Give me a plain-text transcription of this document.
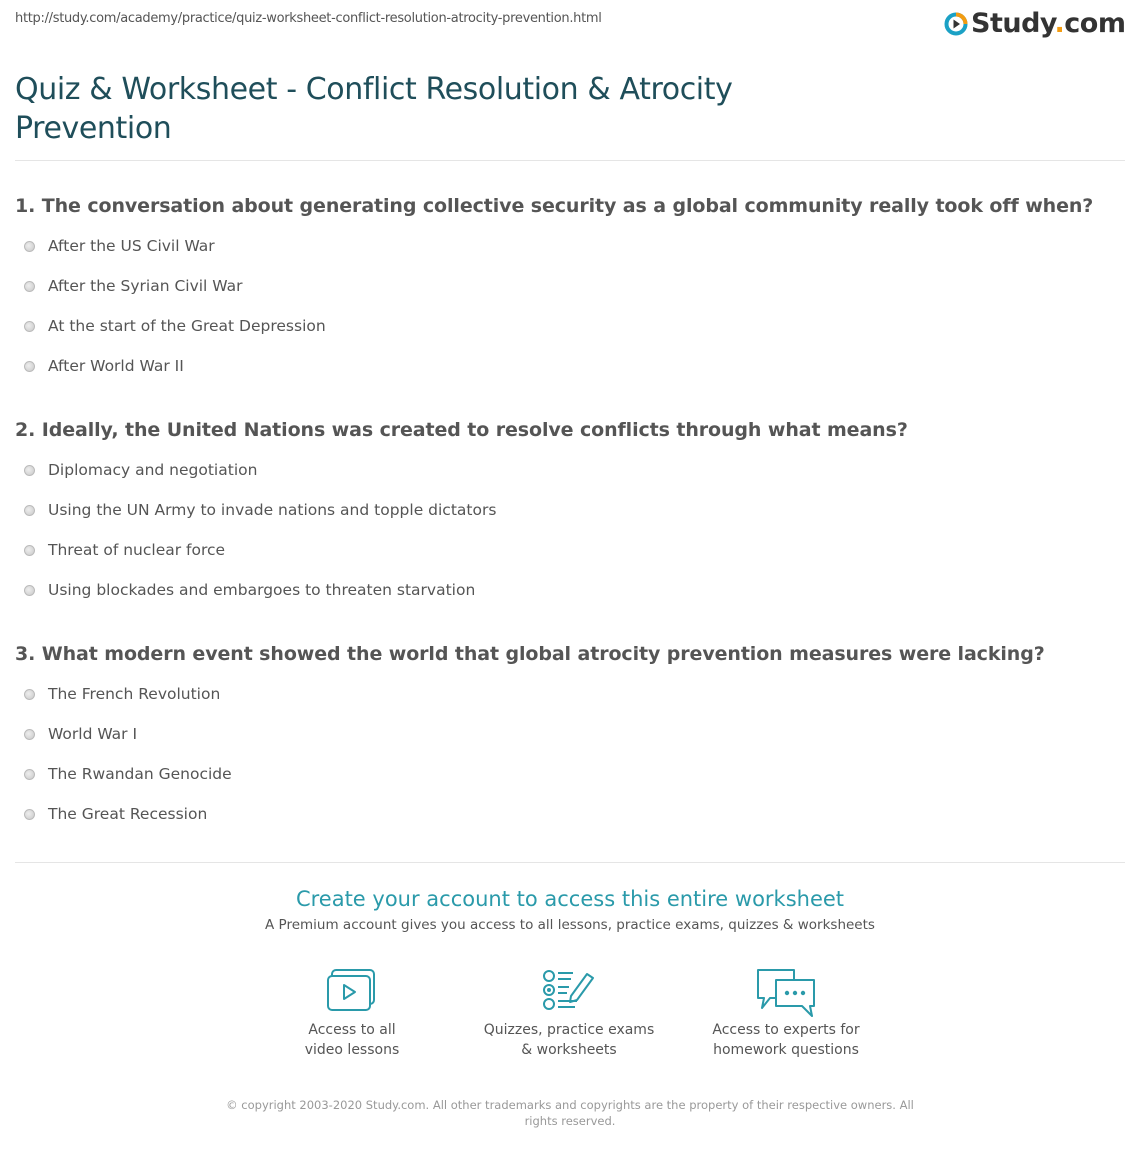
http://study.com/academy/practice/quiz-worksheet-conflict-resolution-atrocity-prevention.html	Study.com
Quiz & Worksheet - Conflict Resolution & Atrocity Prevention
1. The conversation about generating collective security as a global community really took off when?
After the US Civil War
After the Syrian Civil War
At the start of the Great Depression
After World War II
2. Ideally, the United Nations was created to resolve conflicts through what means?
Diplomacy and negotiation
Using the UN Army to invade nations and topple dictators
Threat of nuclear force
Using blockades and embargoes to threaten starvation
3. What modern event showed the world that global atrocity prevention measures were lacking?
The French Revolution
World War I
The Rwandan Genocide
The Great Recession
Create your account to access this entire worksheet
A Premium account gives you access to all lessons, practice exams, quizzes & worksheets
Access to all
video lessons
Quizzes, practice exams
& worksheets
Access to experts for
homework questions
© copyright 2003-2020 Study.com. All other trademarks and copyrights are the property of their respective owners. All rights reserved.
